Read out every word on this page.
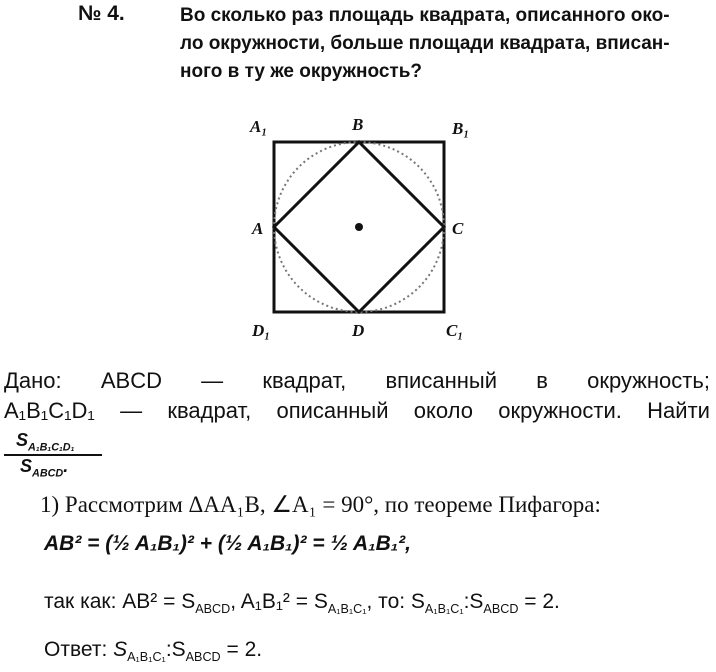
№ 4.	Во сколько раз площадь квадрата, описанного око-
ло окружности, больше площади квадрата, вписан-
ного в ту же окружность?
A₁	B	B₁
A	C
D₁	D	C₁
Дано: ABCD — квадрат, вписанный в окружность;
A₁B₁C₁D₁ — квадрат, описанный около окружности. Найти
$S_{A_1B_1C_1D_1}$
$S_{ABCD}$.
1) Рассмотрим ΔAA₁B, ∠A₁ = 90°, по теореме Пифагора:
AB² = (½ A₁B₁)² + (½ A₁B₁)² = ½ A₁B₁²,
так как: $AB^2 = S_{ABCD}$, $A_1B_1^2 = S_{A_1B_1C_1}$, то: $S_{A_1B_1C_1}:S_{ABCD} = 2$.
Ответ: $S_{A_1B_1C_1}:S_{ABCD} = 2$.
